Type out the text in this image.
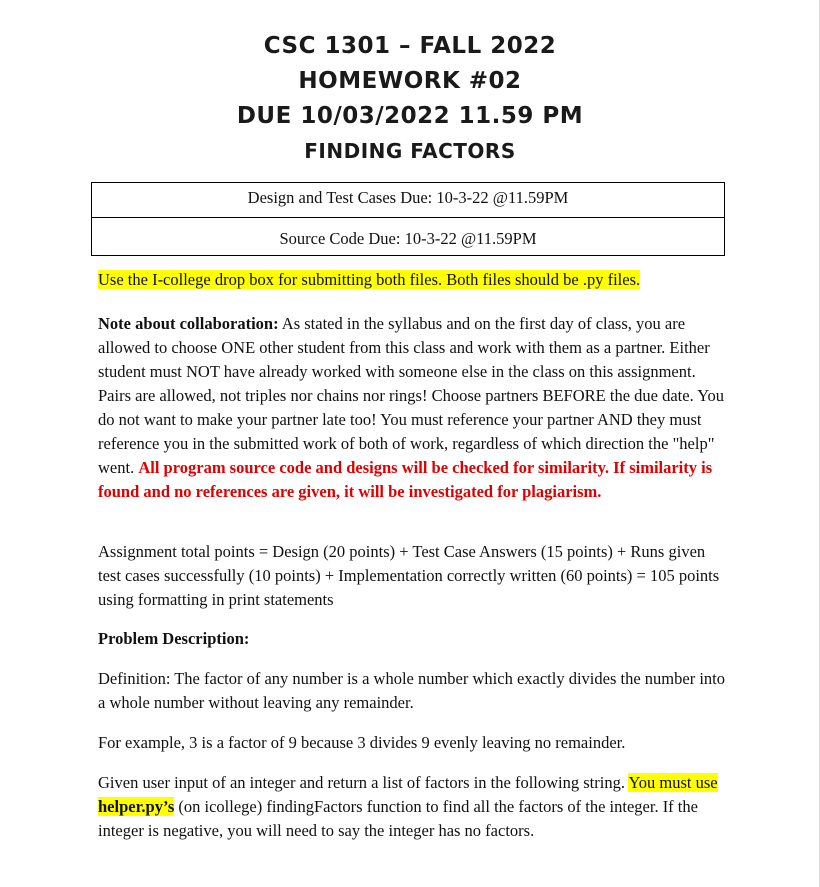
CSC 1301 – FALL 2022
HOMEWORK #02
DUE 10/03/2022 11.59 PM
FINDING FACTORS
Design and Test Cases Due: 10-3-22 @11.59PM
Source Code Due: 10-3-22 @11.59PM
Use the I-college drop box for submitting both files. Both files should be .py files.
Note about collaboration: As stated in the syllabus and on the first day of class, you are allowed to choose ONE other student from this class and work with them as a partner. Either student must NOT have already worked with someone else in the class on this assignment. Pairs are allowed, not triples nor chains nor rings! Choose partners BEFORE the due date. You do not want to make your partner late too! You must reference your partner AND they must reference you in the submitted work of both of work, regardless of which direction the "help" went. All program source code and designs will be checked for similarity. If similarity is found and no references are given, it will be investigated for plagiarism.
Assignment total points = Design (20 points) + Test Case Answers (15 points) + Runs given test cases successfully (10 points) + Implementation correctly written (60 points) = 105 points using formatting in print statements
Problem Description:
Definition: The factor of any number is a whole number which exactly divides the number into a whole number without leaving any remainder.
For example, 3 is a factor of 9 because 3 divides 9 evenly leaving no remainder.
Given user input of an integer and return a list of factors in the following string. You must use helper.py’s (on icollege) findingFactors function to find all the factors of the integer. If the integer is negative, you will need to say the integer has no factors.
